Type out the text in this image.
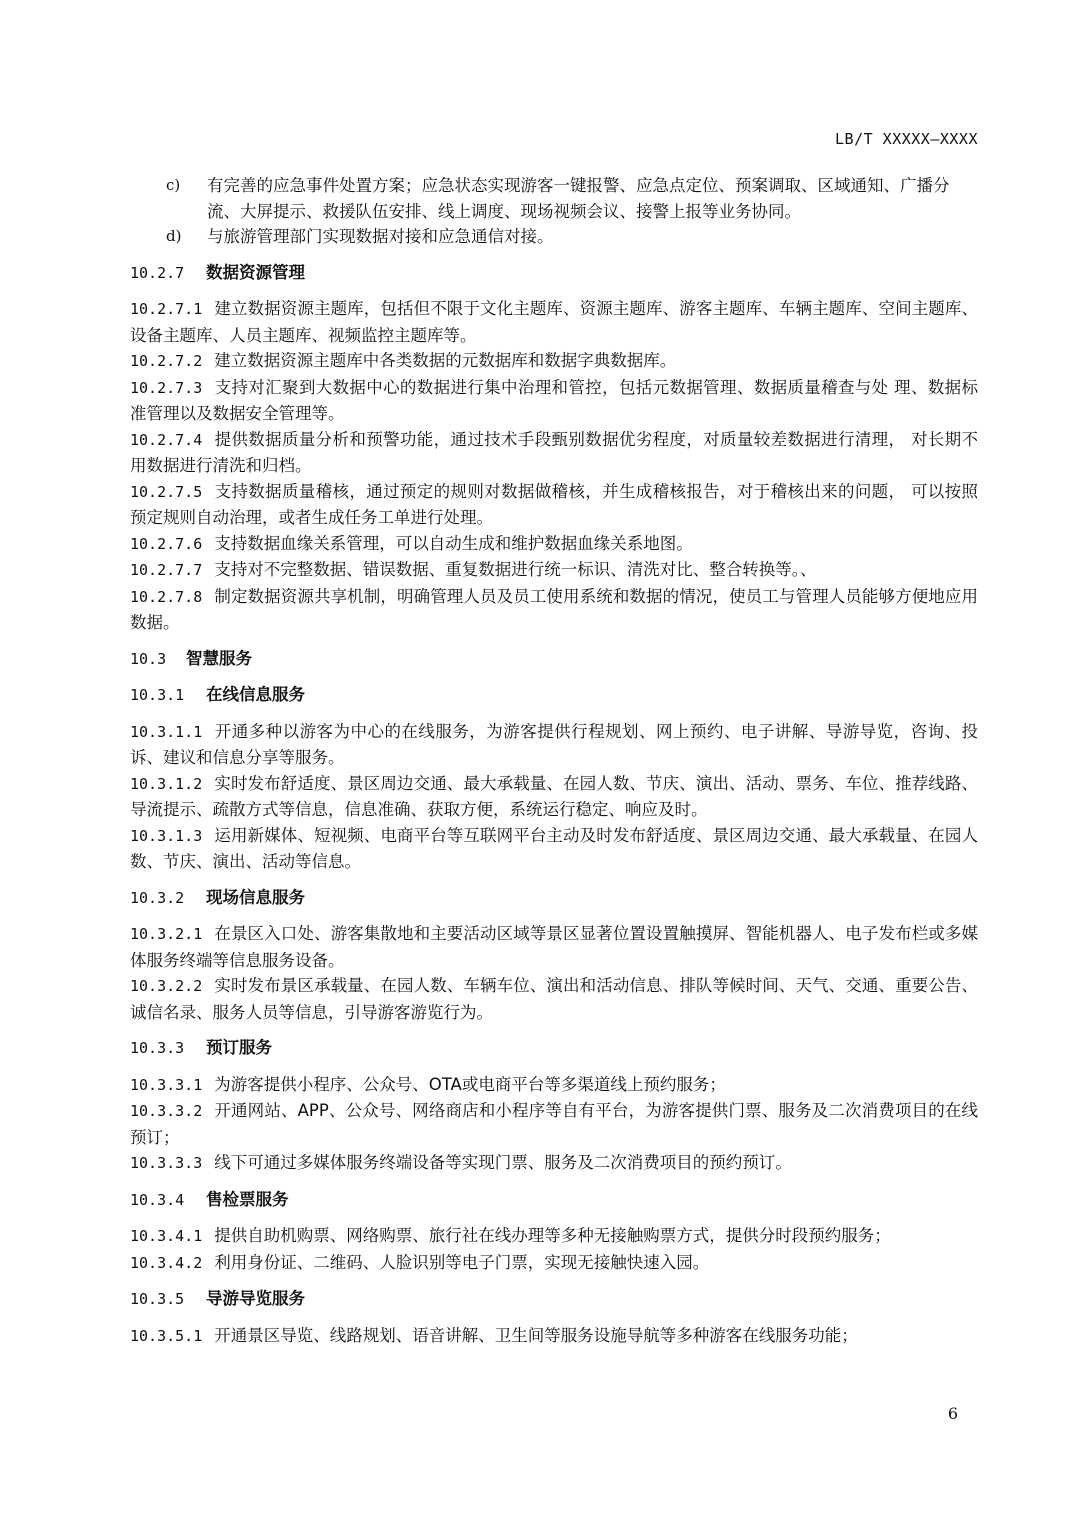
LB/T XXXXX—XXXX
c) 有完善的应急事件处置方案；应急状态实现游客一键报警、应急点定位、预案调取、区域通知、广播分流、大屏提示、救援队伍安排、线上调度、现场视频会议、接警上报等业务协同。
d) 与旅游管理部门实现数据对接和应急通信对接。
10.2.7 数据资源管理
10.2.7.1 建立数据资源主题库，包括但不限于文化主题库、资源主题库、游客主题库、车辆主题库、空间主题库、 设备主题库、人员主题库、视频监控主题库等。
10.2.7.2 建立数据资源主题库中各类数据的元数据库和数据字典数据库。
10.2.7.3 支持对汇聚到大数据中心的数据进行集中治理和管控，包括元数据管理、数据质量稽查与处 理、数据标准管理以及数据安全管理等。
10.2.7.4 提供数据质量分析和预警功能，通过技术手段甄别数据优劣程度，对质量较差数据进行清理， 对长期不用数据进行清洗和归档。
10.2.7.5 支持数据质量稽核，通过预定的规则对数据做稽核，并生成稽核报告，对于稽核出来的问题， 可以按照预定规则自动治理，或者生成任务工单进行处理。
10.2.7.6 支持数据血缘关系管理，可以自动生成和维护数据血缘关系地图。
10.2.7.7 支持对不完整数据、错误数据、重复数据进行统一标识、清洗对比、整合转换等。、
10.2.7.8 制定数据资源共享机制，明确管理人员及员工使用系统和数据的情况，使员工与管理人员能够方便地应用数据。
10.3 智慧服务
10.3.1 在线信息服务
10.3.1.1 开通多种以游客为中心的在线服务，为游客提供行程规划、网上预约、电子讲解、导游导览，咨询、投诉、建议和信息分享等服务。
10.3.1.2 实时发布舒适度、景区周边交通、最大承载量、在园人数、节庆、演出、活动、票务、车位、推荐线路、导流提示、疏散方式等信息，信息准确、获取方便，系统运行稳定、响应及时。
10.3.1.3 运用新媒体、短视频、电商平台等互联网平台主动及时发布舒适度、景区周边交通、最大承载量、在园人数、节庆、演出、活动等信息。
10.3.2 现场信息服务
10.3.2.1 在景区入口处、游客集散地和主要活动区域等景区显著位置设置触摸屏、智能机器人、电子发布栏或多媒体服务终端等信息服务设备。
10.3.2.2 实时发布景区承载量、在园人数、车辆车位、演出和活动信息、排队等候时间、天气、交通、重要公告、诚信名录、服务人员等信息，引导游客游览行为。
10.3.3 预订服务
10.3.3.1 为游客提供小程序、公众号、OTA或电商平台等多渠道线上预约服务；
10.3.3.2 开通网站、APP、公众号、网络商店和小程序等自有平台，为游客提供门票、服务及二次消费项目的在线预订；
10.3.3.3 线下可通过多媒体服务终端设备等实现门票、服务及二次消费项目的预约预订。
10.3.4 售检票服务
10.3.4.1 提供自助机购票、网络购票、旅行社在线办理等多种无接触购票方式，提供分时段预约服务；
10.3.4.2 利用身份证、二维码、人脸识别等电子门票，实现无接触快速入园。
10.3.5 导游导览服务
10.3.5.1 开通景区导览、线路规划、语音讲解、卫生间等服务设施导航等多种游客在线服务功能；
6
